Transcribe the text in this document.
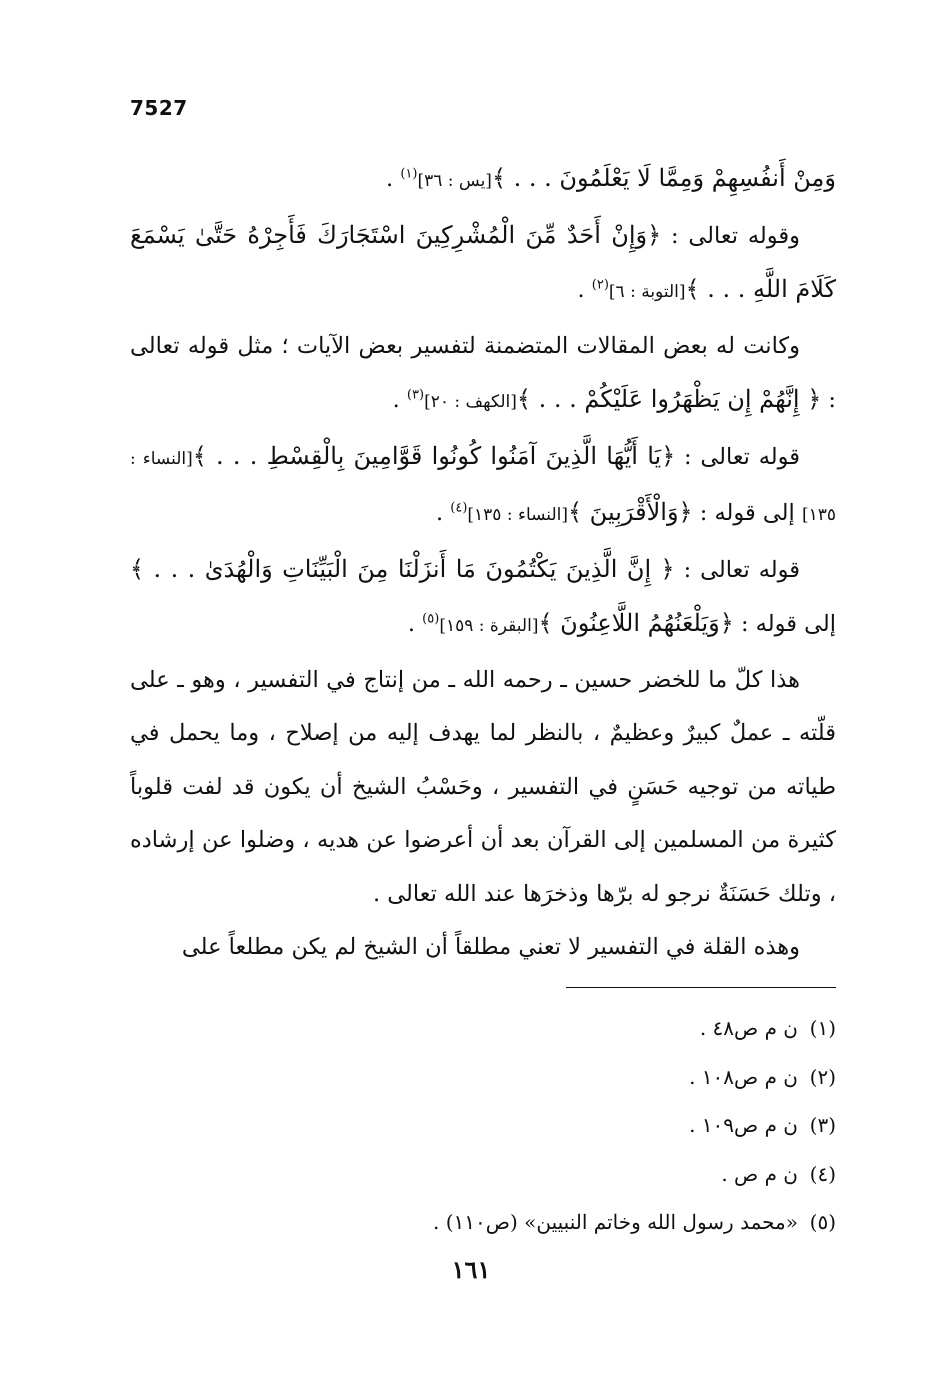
7527

وَمِنْ أَنفُسِهِمْ وَمِمَّا لَا يَعْلَمُونَ . . . ﴾[يس : ٣٦]$^{(١)}$ .

وقوله تعالى : ﴿وَإِنْ أَحَدٌ مِّنَ الْمُشْرِكِينَ اسْتَجَارَكَ فَأَجِرْهُ حَتَّىٰ يَسْمَعَ كَلَامَ اللَّهِ . . . ﴾[التوبة : ٦]$^{(٢)}$ .

وكانت له بعض المقالات المتضمنة لتفسير بعض الآيات ؛ مثل قوله تعالى : ﴿ إِنَّهُمْ إِن يَظْهَرُوا عَلَيْكُمْ . . . ﴾[الكهف : ٢٠]$^{(٣)}$ .

قوله تعالى : ﴿يَا أَيُّهَا الَّذِينَ آمَنُوا كُونُوا قَوَّامِينَ بِالْقِسْطِ . . . ﴾[النساء : ١٣٥] إلى قوله : ﴿وَالْأَقْرَبِينَ ﴾[النساء : ١٣٥]$^{(٤)}$ .

قوله تعالى : ﴿ إِنَّ الَّذِينَ يَكْتُمُونَ مَا أَنزَلْنَا مِنَ الْبَيِّنَاتِ وَالْهُدَىٰ . . . ﴾ إلى قوله : ﴿وَيَلْعَنُهُمُ اللَّاعِنُونَ ﴾[البقرة : ١٥٩]$^{(٥)}$ .

هذا كلّ ما للخضر حسين ـ رحمه الله ـ من إنتاج في التفسير ، وهو ـ على قلّته ـ عملٌ كبيرٌ وعظيمٌ ، بالنظر لما يهدف إليه من إصلاح ، وما يحمل في طياته من توجيه حَسَنٍ في التفسير ، وحَسْبُ الشيخ أن يكون قد لفت قلوباً كثيرة من المسلمين إلى القرآن بعد أن أعرضوا عن هديه ، وضلوا عن إرشاده ، وتلك حَسَنَةٌ نرجو له برّها وذخرَها عند الله تعالى .

وهذه القلة في التفسير لا تعني مطلقاً أن الشيخ لم يكن مطلعاً على

(١)ن م ص٤٨ .

(٢)ن م ص١٠٨ .

(٣)ن م ص١٠٩ .

(٤)ن م ص .

(٥)«محمد رسول الله وخاتم النبيين» (ص١١٠) .

١٦١
